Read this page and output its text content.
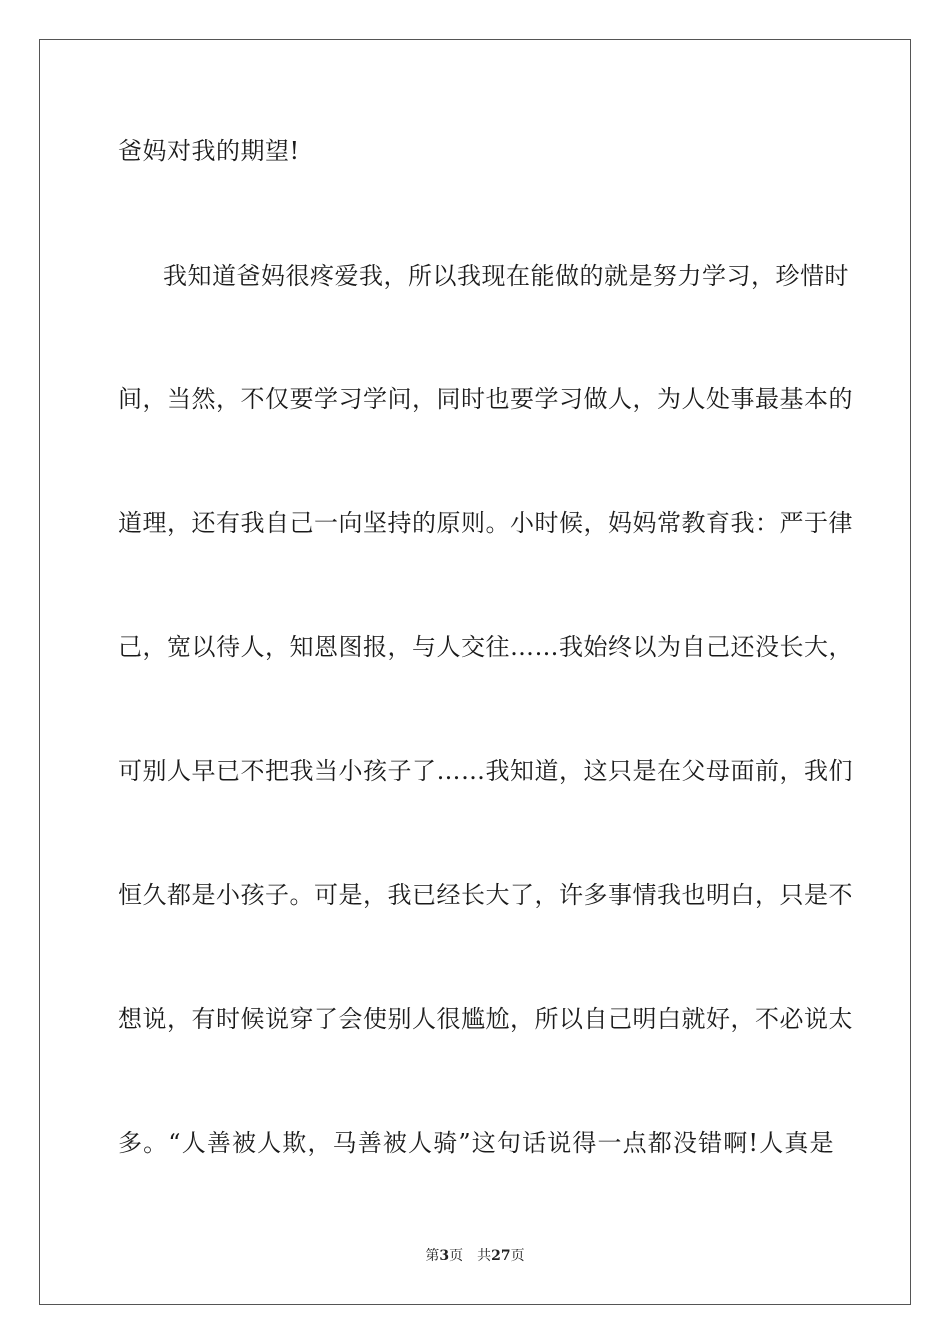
爸妈对我的期望!
我知道爸妈很疼爱我，所以我现在能做的就是努力学习，珍惜时
间，当然，不仅要学习学问，同时也要学习做人，为人处事最基本的
道理，还有我自己一向坚持的原则。小时候，妈妈常教育我：严于律
己，宽以待人，知恩图报，与人交往……我始终以为自己还没长大，
可别人早已不把我当小孩子了……我知道，这只是在父母面前，我们
恒久都是小孩子。可是，我已经长大了，许多事情我也明白，只是不
想说，有时候说穿了会使别人很尴尬，所以自己明白就好，不必说太
多。“人善被人欺，马善被人骑”这句话说得一点都没错啊!人真是
第3页 共27页
